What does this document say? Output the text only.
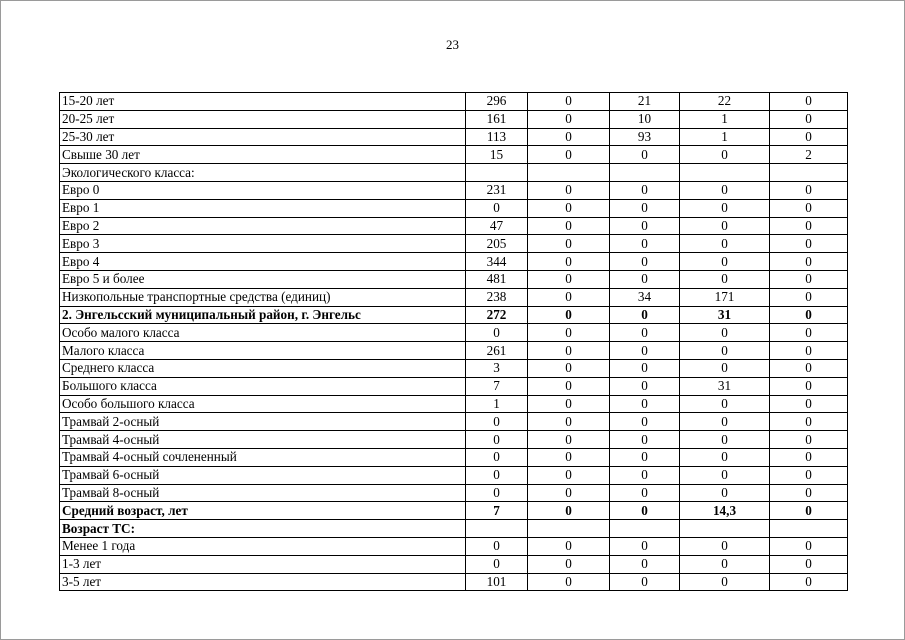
23
15-20 лет	296	0	21	22	0
20-25 лет	161	0	10	1	0
25-30 лет	113	0	93	1	0
Свыше 30 лет	15	0	0	0	2
Экологического класса:					
Евро 0	231	0	0	0	0
Евро 1	0	0	0	0	0
Евро 2	47	0	0	0	0
Евро 3	205	0	0	0	0
Евро 4	344	0	0	0	0
Евро 5 и более	481	0	0	0	0
Низкопольные транспортные средства (единиц)	238	0	34	171	0
2. Энгельсский муниципальный район, г. Энгельс	272	0	0	31	0
Особо малого класса	0	0	0	0	0
Малого класса	261	0	0	0	0
Среднего класса	3	0	0	0	0
Большого класса	7	0	0	31	0
Особо большого класса	1	0	0	0	0
Трамвай 2-осный	0	0	0	0	0
Трамвай 4-осный	0	0	0	0	0
Трамвай 4-осный сочлененный	0	0	0	0	0
Трамвай 6-осный	0	0	0	0	0
Трамвай 8-осный	0	0	0	0	0
Средний возраст, лет	7	0	0	14,3	0
Возраст ТС:					
Менее 1 года	0	0	0	0	0
1-3 лет	0	0	0	0	0
3-5 лет	101	0	0	0	0
